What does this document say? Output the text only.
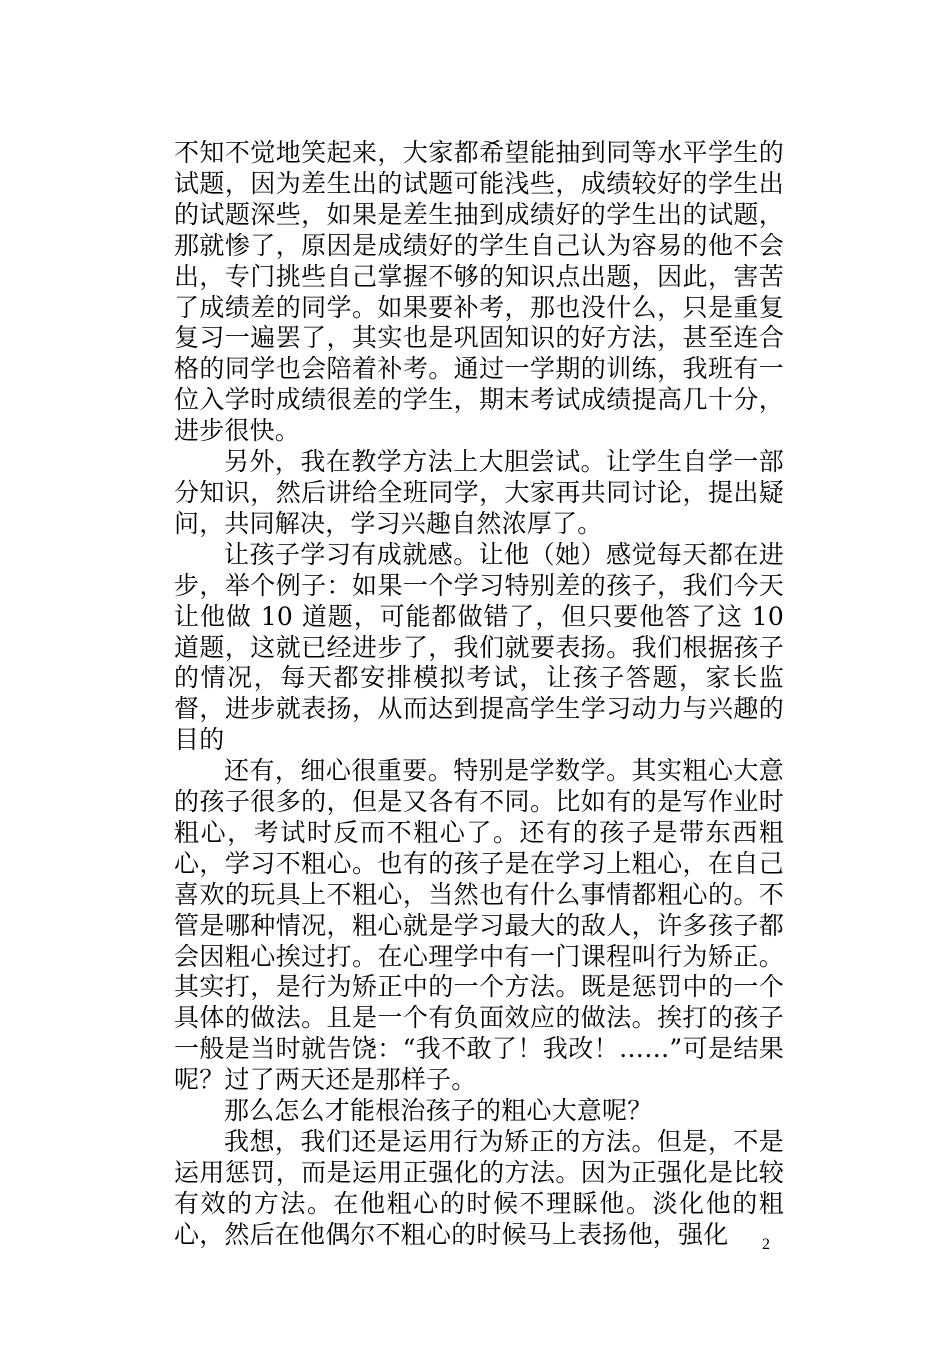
不知不觉地笑起来，大家都希望能抽到同等水平学生的试题，因为差生出的试题可能浅些，成绩较好的学生出的试题深些，如果是差生抽到成绩好的学生出的试题，那就惨了，原因是成绩好的学生自己认为容易的他不会出，专门挑些自己掌握不够的知识点出题，因此，害苦了成绩差的同学。如果要补考，那也没什么，只是重复复习一遍罢了，其实也是巩固知识的好方法，甚至连合格的同学也会陪着补考。通过一学期的训练，我班有一位入学时成绩很差的学生，期末考试成绩提高几十分，进步很快。

另外，我在教学方法上大胆尝试。让学生自学一部分知识，然后讲给全班同学，大家再共同讨论，提出疑问，共同解决，学习兴趣自然浓厚了。

让孩子学习有成就感。让他（她）感觉每天都在进步，举个例子：如果一个学习特别差的孩子，我们今天让他做 10 道题，可能都做错了，但只要他答了这 10 道题，这就已经进步了，我们就要表扬。我们根据孩子的情况，每天都安排模拟考试，让孩子答题，家长监督，进步就表扬，从而达到提高学生学习动力与兴趣的目的

还有，细心很重要。特别是学数学。其实粗心大意的孩子很多的，但是又各有不同。比如有的是写作业时粗心，考试时反而不粗心了。还有的孩子是带东西粗心，学习不粗心。也有的孩子是在学习上粗心，在自己喜欢的玩具上不粗心，当然也有什么事情都粗心的。不管是哪种情况，粗心就是学习最大的敌人，许多孩子都会因粗心挨过打。在心理学中有一门课程叫行为矫正。其实打，是行为矫正中的一个方法。既是惩罚中的一个具体的做法。且是一个有负面效应的做法。挨打的孩子一般是当时就告饶：“我不敢了！我改！……”可是结果呢？过了两天还是那样子。

那么怎么才能根治孩子的粗心大意呢？

我想，我们还是运用行为矫正的方法。但是，不是运用惩罚，而是运用正强化的方法。因为正强化是比较有效的方法。在他粗心的时候不理睬他。淡化他的粗心，然后在他偶尔不粗心的时候马上表扬他，强化	2
